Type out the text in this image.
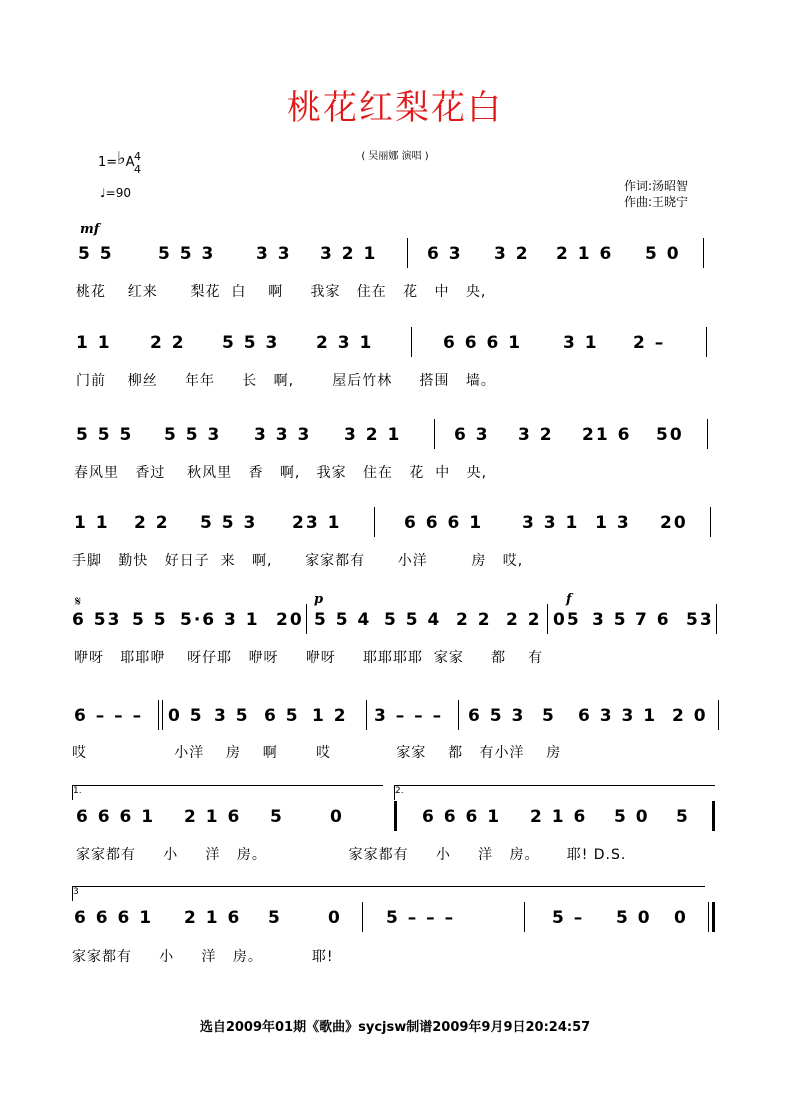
桃花红梨花白
( 吴丽娜 演唱 )
1=♭A 4
4
♩=90	作词:汤昭智
作曲:王晓宁
mf
5 5	5 5 3 3 3 3 2 1	6 3 3 2 2 1 6 5 0
桃花    红来      梨花  白    啊     我家   住在   花   中   央,
1 1 2 2 5 5 3 2 3 1	6 6 6 1 3 1 2 –
门前    柳丝     年年     长   啊,       屋后竹林     搭围   墙。
5 5 5 5 5 3 3 3 3 3 2 1	6 3 3 2 21 6 50
春风里   香过    秋风里   香   啊,   我家   住在   花  中   央,
1 1 2 2 5 5 3 23 1	6 6 6 1 3 3 1  1 3 20
手脚   勤快   好日子  来   啊,      家家都有      小洋        房   哎,
𝄋
6 53 5 5 5·6 3 1 20
p
5 5 4 5 5 4 2 2 2 2
f
05 3 5 7 6 53
咿呀   耶耶咿    呀仔耶   咿呀     咿呀     耶耶耶耶  家家     都    有
6 – – – 0 5 3 5 6 5 1 2 3 – – – 6 5 3 5 6 3 3 1 2 0
哎                小洋    房    啊       哎            家家    都   有小洋    房
1.	2.
6 6 6 1 2 1 6 5	0	6 6 6 1 2 1 6 5 0 5
家家都有     小     洋   房。               家家都有     小     洋   房。     耶! D.S.
3
6 6 6 1 2 1 6 5	0	5 – – –	5 – 5 0 0
家家都有     小     洋   房。         耶!
选自2009年01期《歌曲》sycjsw制谱2009年9月9日20:24:57
